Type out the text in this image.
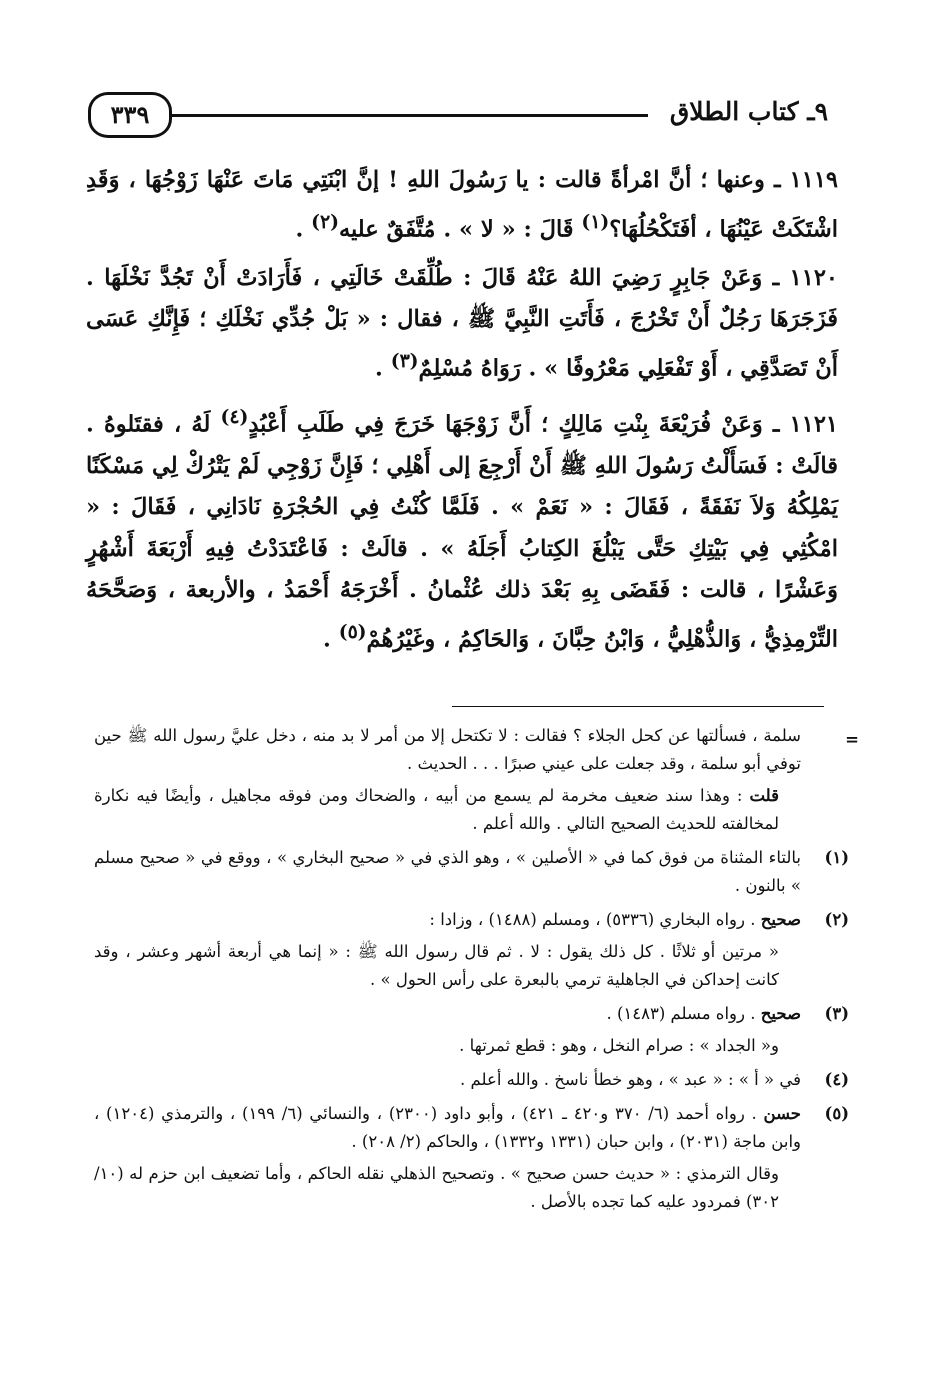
٣٣٩	٩ـ كتاب الطلاق

١١١٩ ـ وعنها ؛ أنَّ امْرأةً قالت : يا رَسُولَ اللهِ ! إنَّ ابْنَتِي مَاتَ عَنْهَا زَوْجُهَا ، وَقَدِ اشْتَكَتْ عَيْنُهَا ، أفَتَكْحُلُهَا؟$^{(١)}$ قَالَ : « لا » . مُتَّفَقٌ عليه$^{(٢)}$ .

١١٢٠ ـ وَعَنْ جَابِرٍ رَضِيَ اللهُ عَنْهُ قَالَ : طُلِّقَتْ خَالَتِي ، فَأَرَادَتْ أَنْ تَجُدَّ نَخْلَهَا . فَزَجَرَهَا رَجُلٌ أَنْ تَخْرُجَ ، فَأَتَتِ النَّبِيَّ ﷺ ، فقال : « بَلْ جُدِّي نَخْلَكِ ؛ فَإِنَّكِ عَسَى أَنْ تَصَدَّقِي ، أَوْ تَفْعَلِي مَعْرُوفًا » . رَوَاهُ مُسْلِمٌ$^{(٣)}$ .

١١٢١ ـ وَعَنْ فُرَيْعَةَ بِنْتِ مَالِكٍ ؛ أَنَّ زَوْجَهَا خَرَجَ فِي طَلَبِ أَعْبُدٍ$^{(٤)}$ لَهُ ، فقتَلوهُ . قالَتْ : فَسَأَلْتُ رَسُولَ اللهِ ﷺ أَنْ أَرْجِعَ إلى أَهْلِي ؛ فَإِنَّ زَوْجِي لَمْ يَتْرُكْ لِي مَسْكَنًا يَمْلِكُهُ وَلاَ نَفَقَةً ، فَقَالَ : « نَعَمْ » . فَلَمَّا كُنْتُ فِي الحُجْرَةِ نَادَانِي ، فَقَالَ : « امْكُثِي فِي بَيْتِكِ حَتَّى يَبْلُغَ الكِتابُ أَجَلَهُ » . قالَتْ : فَاعْتَدَدْتُ فِيهِ أَرْبَعَةَ أَشْهُرٍ وَعَشْرًا ، قالت : فَقَضَى بِهِ بَعْدَ ذلك عُثْمانُ . أَخْرَجَهُ أَحْمَدُ ، والأربعة ، وَصَحَّحَهُ التِّرْمِذِيُّ ، وَالذُّهْلِيُّ ، وَابْنُ حِبَّانَ ، وَالحَاكِمُ ، وغَيْرُهُمْ$^{(٥)}$ .

=

سلمة ، فسألتها عن كحل الجلاء ؟ فقالت : لا تكتحل إلا من أمر لا بد منه ، دخل عليَّ رسول الله ﷺ حين توفي أبو سلمة ، وقد جعلت على عيني صبرًا . . . الحديث .

قلت : وهذا سند ضعيف مخرمة لم يسمع من أبيه ، والضحاك ومن فوقه مجاهيل ، وأيضًا فيه نكارة لمخالفته للحديث الصحيح التالي . والله أعلم .

(١)

بالتاء المثناة من فوق كما في « الأصلين » ، وهو الذي في « صحيح البخاري » ، ووقع في « صحيح مسلم » بالنون .

(٢)

صحيح . رواه البخاري (٥٣٣٦) ، ومسلم (١٤٨٨) ، وزادا :

« مرتين أو ثلاثًا . كل ذلك يقول : لا . ثم قال رسول الله ﷺ : « إنما هي أربعة أشهر وعشر ، وقد كانت إحداكن في الجاهلية ترمي بالبعرة على رأس الحول » .

(٣)

صحيح . رواه مسلم (١٤٨٣) .

و« الجداد » : صرام النخل ، وهو : قطع ثمرتها .

(٤)

في « أ » : « عبد » ، وهو خطأ ناسخ . والله أعلم .

(٥)

حسن . رواه أحمد (٦/ ٣٧٠ و٤٢٠ ـ ٤٢١) ، وأبو داود (٢٣٠٠) ، والنسائي (٦/ ١٩٩) ، والترمذي (١٢٠٤) ، وابن ماجة (٢٠٣١) ، وابن حبان (١٣٣١ و١٣٣٢) ، والحاكم (٢/ ٢٠٨) .

وقال الترمذي : « حديث حسن صحيح » . وتصحيح الذهلي نقله الحاكم ، وأما تضعيف ابن حزم له (١٠/ ٣٠٢) فمردود عليه كما تجده بالأصل .
